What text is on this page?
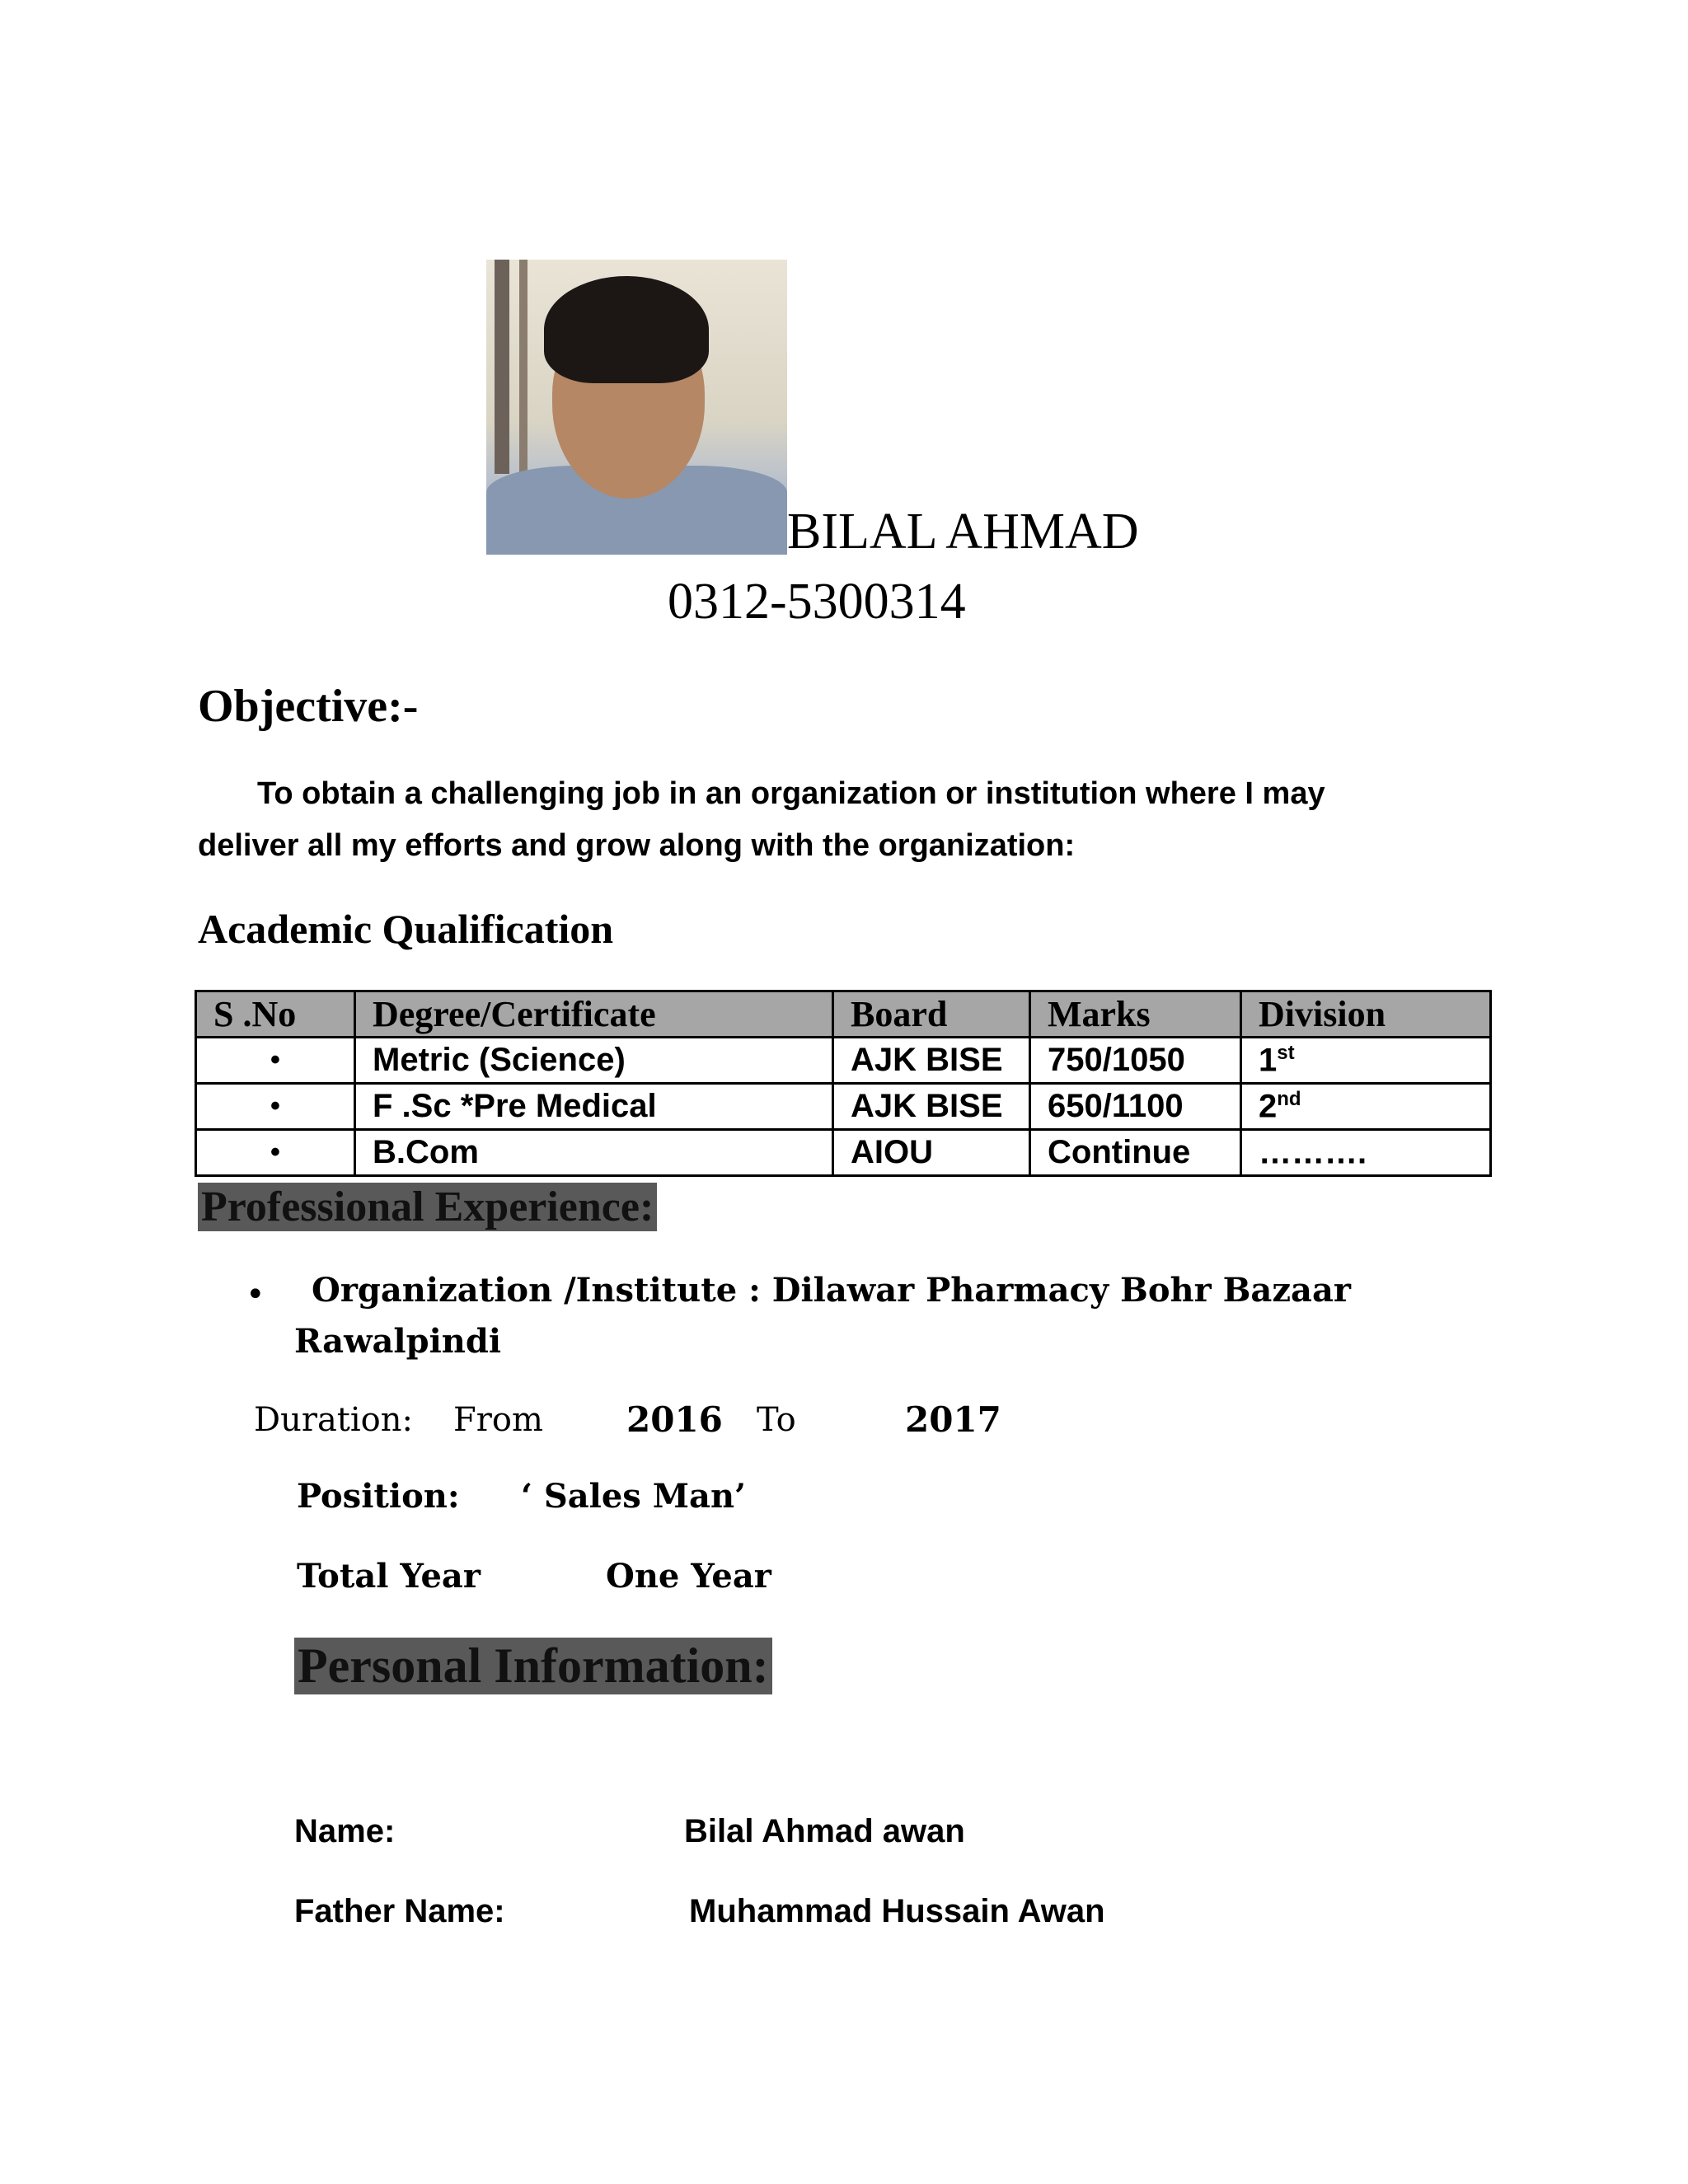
BILAL AHMAD
0312-5300314
Objective:-
To obtain a challenging job in an organization or institution where I may
deliver all my efforts and grow along with the organization:
Academic Qualification
S .No	Degree/Certificate	Board	Marks	Division
•	Metric (Science)	AJK BISE	750/1050	1st
•	F .Sc *Pre Medical	AJK BISE	650/1100	2nd
•	B.Com	AIOU	Continue	……….
Professional Experience:
• Organization /Institute : Dilawar Pharmacy Bohr Bazaar
Rawalpindi
Duration: From 2016 To	2017
Position: ‘ Sales Man’
Total Year	One Year
Personal Information:
Name:	Bilal Ahmad awan
Father Name:	Muhammad Hussain Awan
